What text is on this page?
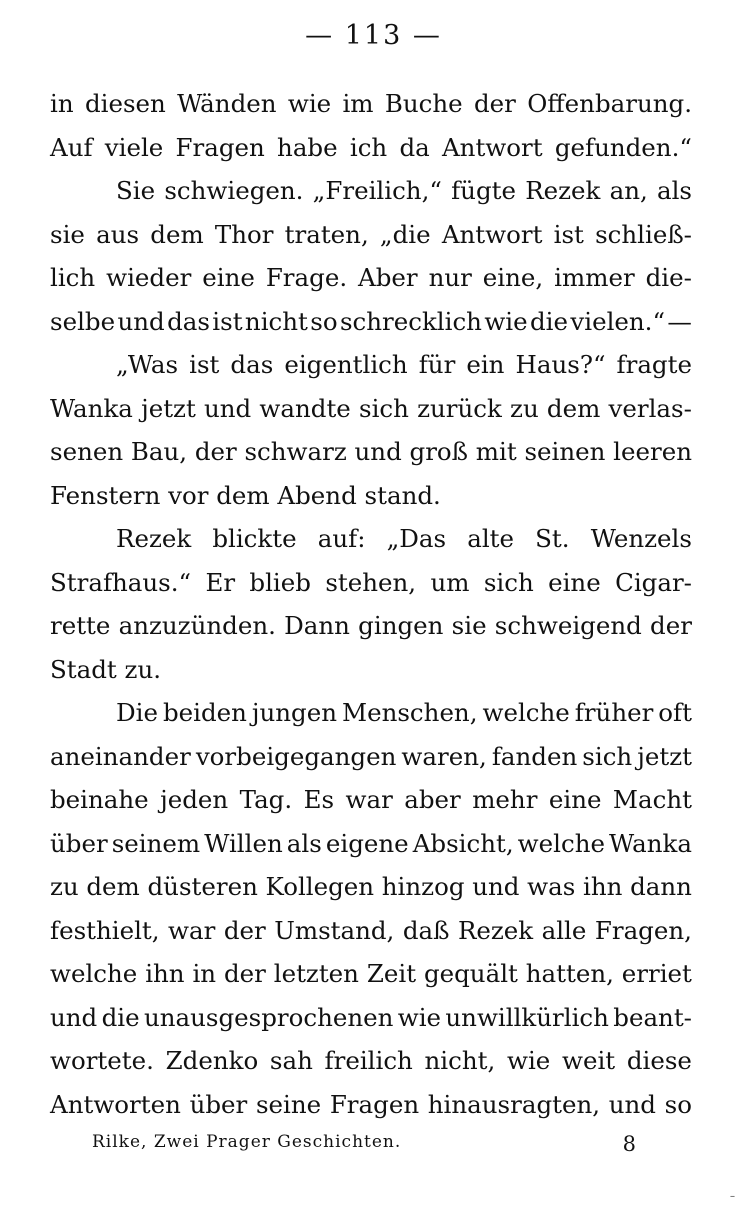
— 113 —
in diesen Wänden wie im Buche der Offenbarung.
Auf viele Fragen habe ich da Antwort gefunden.“
Sie schwiegen. „Freilich,“ fügte Rezek an, als
sie aus dem Thor traten, „die Antwort ist schließ-
lich wieder eine Frage. Aber nur eine, immer die-
selbe und das ist nicht so schrecklich wie die vielen.“ —
„Was ist das eigentlich für ein Haus?“ fragte
Wanka jetzt und wandte sich zurück zu dem verlas-
senen Bau, der schwarz und groß mit seinen leeren
Fenstern vor dem Abend stand.
Rezek blickte auf: „Das alte St. Wenzels
Strafhaus.“ Er blieb stehen, um sich eine Cigar-
rette anzuzünden. Dann gingen sie schweigend der
Stadt zu.
Die beiden jungen Menschen, welche früher oft
aneinander vorbeigegangen waren, fanden sich jetzt
beinahe jeden Tag. Es war aber mehr eine Macht
über seinem Willen als eigene Absicht, welche Wanka
zu dem düsteren Kollegen hinzog und was ihn dann
festhielt, war der Umstand, daß Rezek alle Fragen,
welche ihn in der letzten Zeit gequält hatten, erriet
und die unausgesprochenen wie unwillkürlich beant-
wortete. Zdenko sah freilich nicht, wie weit diese
Antworten über seine Fragen hinausragten, und so
Rilke, Zwei Prager Geschichten.	8
–
